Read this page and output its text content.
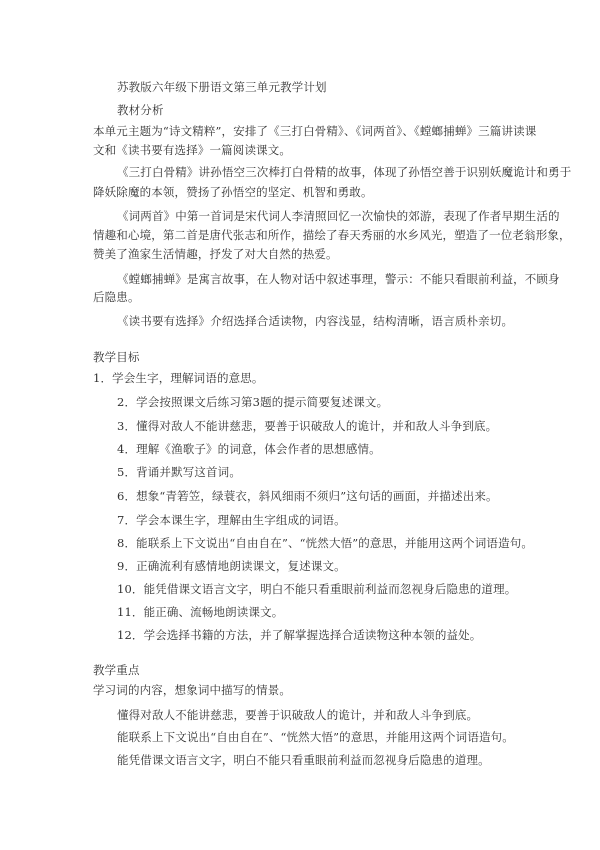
苏教版六年级下册语文第三单元教学计划
教材分析
本单元主题为“诗文精粹”，安排了《三打白骨精》、《词两首》、《螳螂捕蝉》三篇讲读课
文和《读书要有选择》一篇阅读课文。
《三打白骨精》讲孙悟空三次棒打白骨精的故事，体现了孙悟空善于识别妖魔诡计和勇于
降妖除魔的本领，赞扬了孙悟空的坚定、机智和勇敢。
《词两首》中第一首词是宋代词人李清照回忆一次愉快的郊游，表现了作者早期生活的
情趣和心境，第二首是唐代张志和所作，描绘了春天秀丽的水乡风光，塑造了一位老翁形象，
赞美了渔家生活情趣，抒发了对大自然的热爱。
《螳螂捕蝉》是寓言故事，在人物对话中叙述事理，警示：不能只看眼前利益，不顾身
后隐患。
《读书要有选择》介绍选择合适读物，内容浅显，结构清晰，语言质朴亲切。
教学目标
1．学会生字，理解词语的意思。
2．学会按照课文后练习第3题的提示简要复述课文。
3．懂得对敌人不能讲慈悲，要善于识破敌人的诡计，并和敌人斗争到底。
4．理解《渔歌子》的词意，体会作者的思想感情。
5．背诵并默写这首词。
6．想象“青箬笠，绿蓑衣，斜风细雨不须归”这句话的画面，并描述出来。
7．学会本课生字，理解由生字组成的词语。
8．能联系上下文说出“自由自在”、“恍然大悟”的意思，并能用这两个词语造句。
9．正确流利有感情地朗读课文，复述课文。
10．能凭借课文语言文字，明白不能只看重眼前利益而忽视身后隐患的道理。
11．能正确、流畅地朗读课文。
12．学会选择书籍的方法，并了解掌握选择合适读物这种本领的益处。
教学重点
学习词的内容，想象词中描写的情景。
懂得对敌人不能讲慈悲，要善于识破敌人的诡计，并和敌人斗争到底。
能联系上下文说出“自由自在”、“恍然大悟”的意思，并能用这两个词语造句。
能凭借课文语言文字，明白不能只看重眼前利益而忽视身后隐患的道理。
